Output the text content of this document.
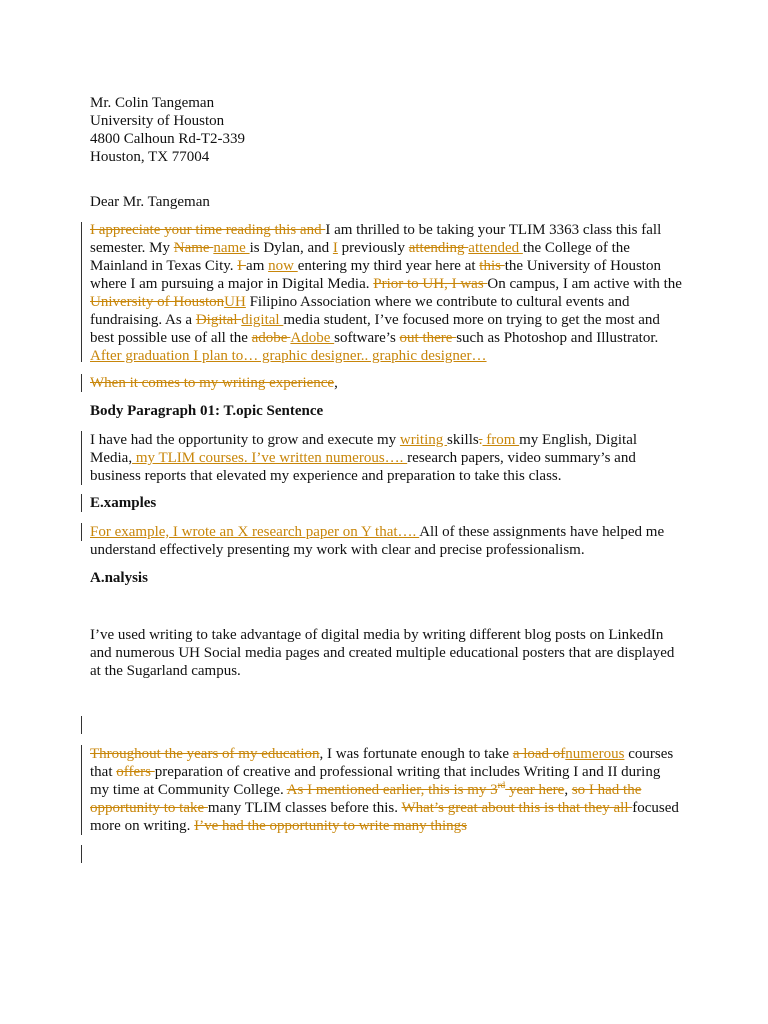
Mr. Colin Tangeman
University of Houston
4800 Calhoun Rd-T2-339
Houston, TX 77004
Dear Mr. Tangeman
I appreciate your time reading this and I am thrilled to be taking your TLIM 3363 class this fall semester. My Name name is Dylan, and I previously attending attended the College of the Mainland in Texas City. I am now entering my third year here at this the University of Houston where I am pursuing a major in Digital Media. Prior to UH, I was On campus, I am active with the University of HoustonUH Filipino Association where we contribute to cultural events and fundraising. As a Digital digital media student, I’ve focused more on trying to get the most and best possible use of all the adobe Adobe software’s out there such as Photoshop and Illustrator. After graduation I plan to… graphic designer.. graphic designer…
When it comes to my writing experience,
Body Paragraph 01: T.opic Sentence
I have had the opportunity to grow and execute my writing skills. from my English, Digital Media, my TLIM courses. I’ve written numerous…. research papers, video summary’s and business reports that elevated my experience and preparation to take this class.
E.xamples
For example, I wrote an X research paper on Y that…. All of these assignments have helped me understand effectively presenting my work with clear and precise professionalism.
A.nalysis
I’ve used writing to take advantage of digital media by writing different blog posts on LinkedIn and numerous UH Social media pages and created multiple educational posters that are displayed at the Sugarland campus.
Throughout the years of my education, I was fortunate enough to take a load ofnumerous courses that offers preparation of creative and professional writing that includes Writing I and II during my time at Community College. As I mentioned earlier, this is my 3rd year here, so I had the opportunity to take many TLIM classes before this. What’s great about this is that they all focused more on writing. I’ve had the opportunity to write many things
